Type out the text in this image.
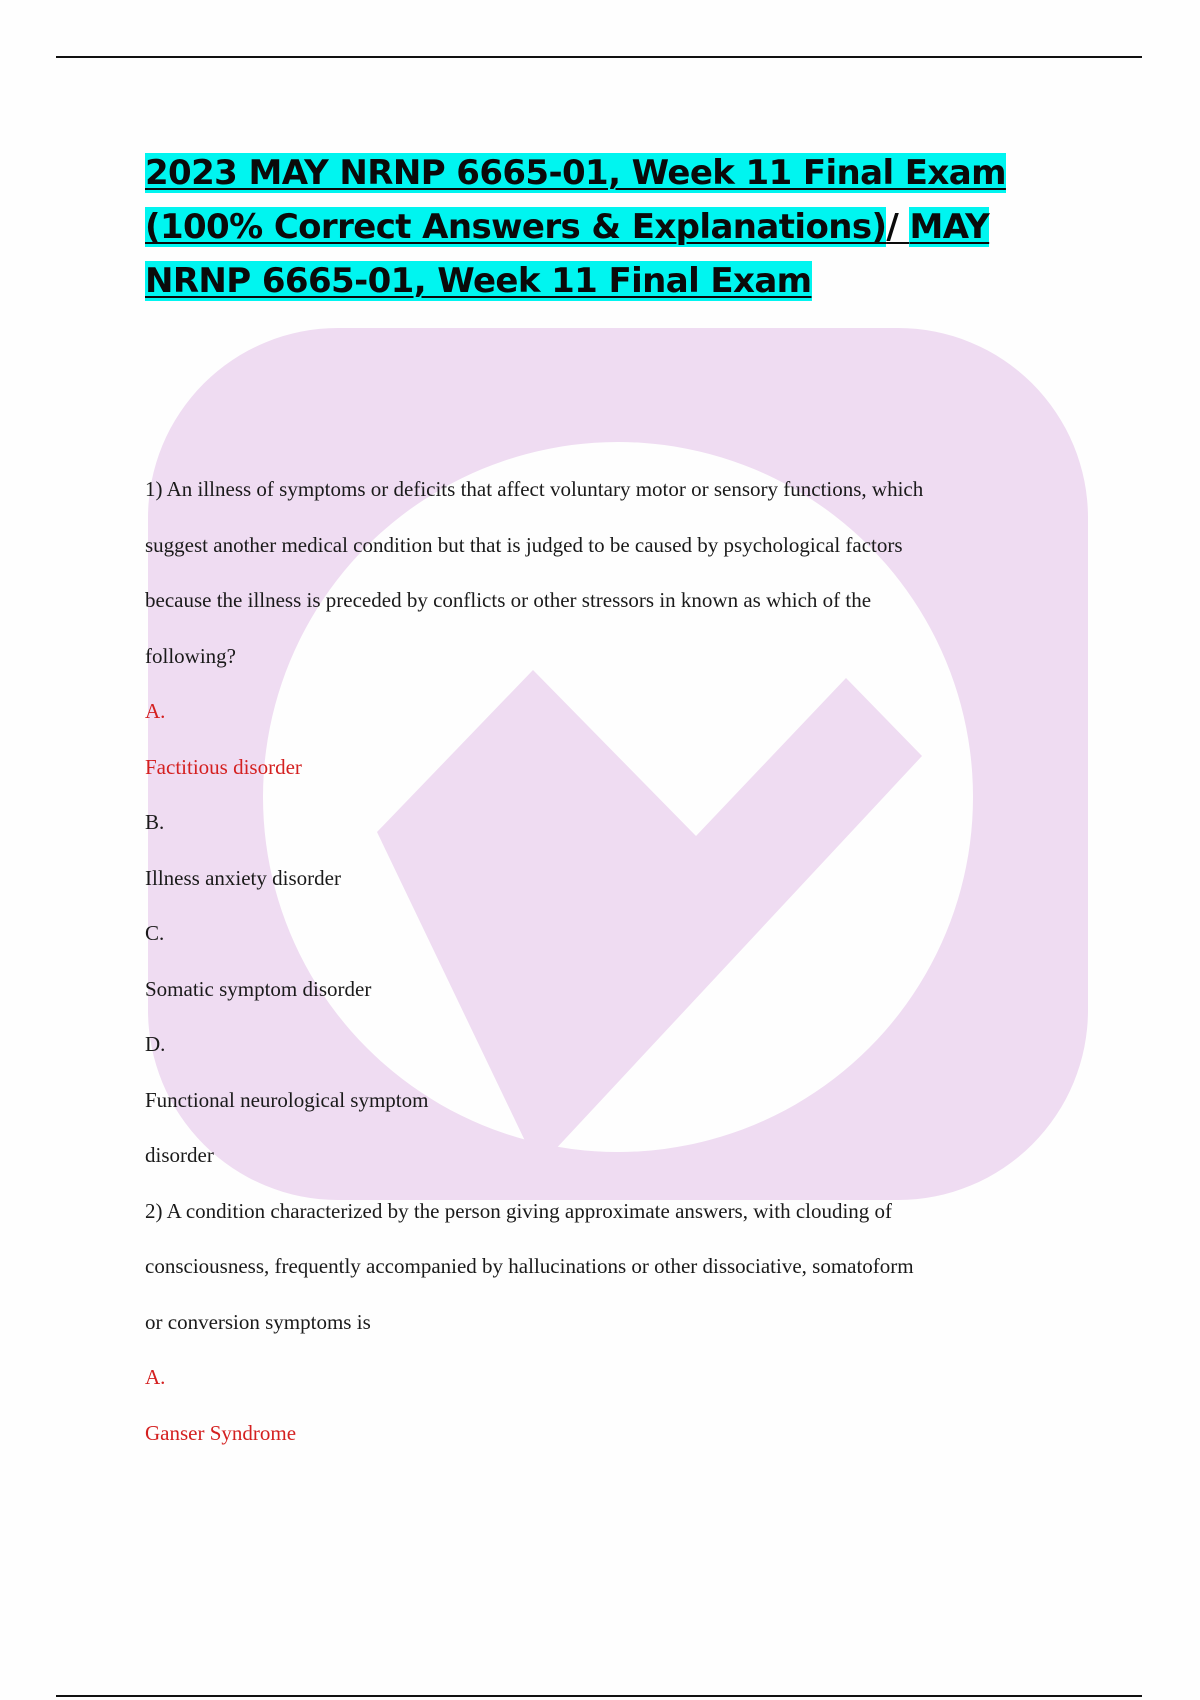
2023 MAY NRNP 6665-01, Week 11 Final Exam
(100% Correct Answers & Explanations)/ MAY
NRNP 6665-01, Week 11 Final Exam

1) An illness of symptoms or deficits that affect voluntary motor or sensory functions, which

suggest another medical condition but that is judged to be caused by psychological factors

because the illness is preceded by conflicts or other stressors in known as which of the

following?

A.

Factitious disorder

B.

Illness anxiety disorder

C.

Somatic symptom disorder

D.

Functional neurological symptom

disorder

2) A condition characterized by the person giving approximate answers, with clouding of

consciousness, frequently accompanied by hallucinations or other dissociative, somatoform

or conversion symptoms is

A.

Ganser Syndrome
